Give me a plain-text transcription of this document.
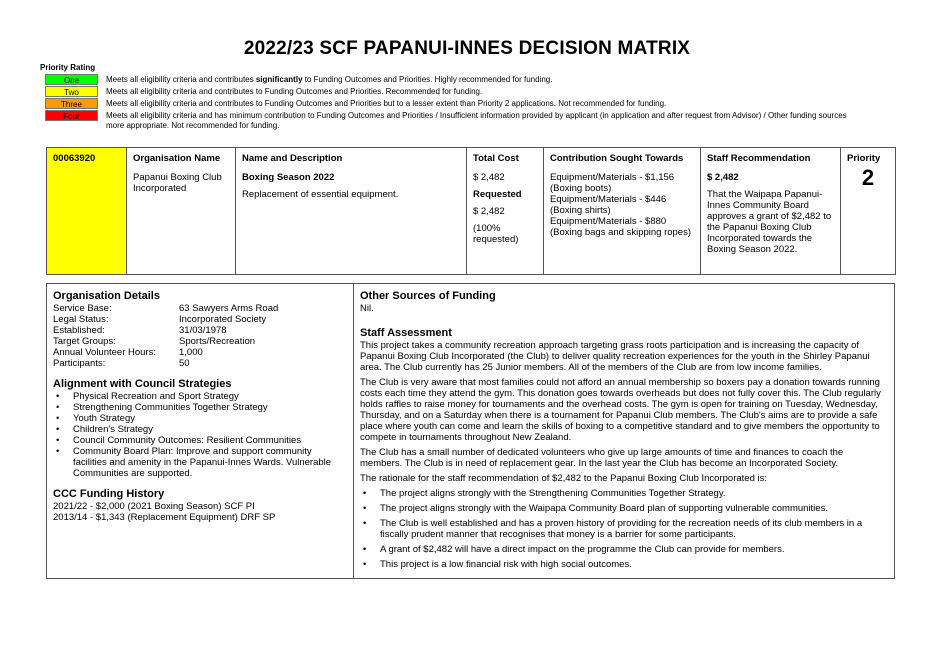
2022/23 SCF PAPANUI-INNES DECISION MATRIX
Priority Rating
One	Meets all eligibility criteria and contributes significantly to Funding Outcomes and Priorities. Highly recommended for funding.
Two	Meets all eligibility criteria and contributes to Funding Outcomes and Priorities. Recommended for funding.
Three	Meets all eligibility criteria and contributes to Funding Outcomes and Priorities but to a lesser extent than Priority 2 applications. Not recommended for funding.
Four	Meets all eligibility criteria and has minimum contribution to Funding Outcomes and Priorities / Insufficient information provided by applicant (in application and after request from Advisor) / Other funding sources more appropriate. Not recommended for funding.
00063920	Organisation Name
Papanui Boxing Club Incorporated

Name and Description
Boxing Season 2022
Replacement of essential equipment.

Total Cost
$ 2,482
Requested
$ 2,482
(100% requested)

Contribution Sought Towards
Equipment/Materials - $1,156 (Boxing boots)
Equipment/Materials - $446 (Boxing shirts)
Equipment/Materials - $880 (Boxing bags and skipping ropes)

Staff Recommendation
$ 2,482
That the Waipapa Papanui-Innes Community Board approves a grant of $2,482 to the Papanui Boxing Club Incorporated towards the Boxing Season 2022.

Priority
2
Organisation Details
Service Base:	63 Sawyers Arms Road
Legal Status:	Incorporated Society
Established:	31/03/1978
Target Groups:	Sports/Recreation
Annual Volunteer Hours:	1,000
Participants:	50
Alignment with Council Strategies
• Physical Recreation and Sport Strategy
• Strengthening Communities Together Strategy
• Youth Strategy
• Children's Strategy
• Council Community Outcomes: Resilient Communities
• Community Board Plan: Improve and support community facilities and amenity in the Papanui-Innes Wards. Vulnerable Communities are supported.
CCC Funding History
2021/22 - $2,000 (2021 Boxing Season) SCF PI
2013/14 - $1,343 (Replacement Equipment) DRF SP
Other Sources of Funding
Nil.
Staff Assessment

This project takes a community recreation approach targeting grass roots participation and is increasing the capacity of Papanui Boxing Club Incorporated (the Club) to deliver quality recreation experiences for the youth in the Shirley Papanui area. The Club currently has 25 Junior members. All of the members of the Club are from low income families.

The Club is very aware that most families could not afford an annual membership so boxers pay a donation towards running costs each time they attend the gym. This donation goes towards overheads but does not fully cover this. The Club regularly holds raffles to raise money for tournaments and the overhead costs. The gym is open for training on Tuesday, Wednesday, Thursday, and on a Saturday when there is a tournament for Papanui Club members. The Club's aims are to provide a safe place where youth can come and learn the skills of boxing to a competitive standard and to give members the opportunity to compete in tournaments throughout New Zealand.

The Club has a small number of dedicated volunteers who give up large amounts of time and finances to coach the members. The Club is in need of replacement gear. In the last year the Club has become an Incorporated Society.

The rationale for the staff recommendation of $2,482 to the Papanui Boxing Club Incorporated is:

• The project aligns strongly with the Strengthening Communities Together Strategy.
• The project aligns strongly with the Waipapa Community Board plan of supporting vulnerable communities.
• The Club is well established and has a proven history of providing for the recreation needs of its club members in a fiscally prudent manner that recognises that money is a barrier for some participants.
• A grant of $2,482 will have a direct impact on the programme the Club can provide for members.
• This project is a low financial risk with high social outcomes.
